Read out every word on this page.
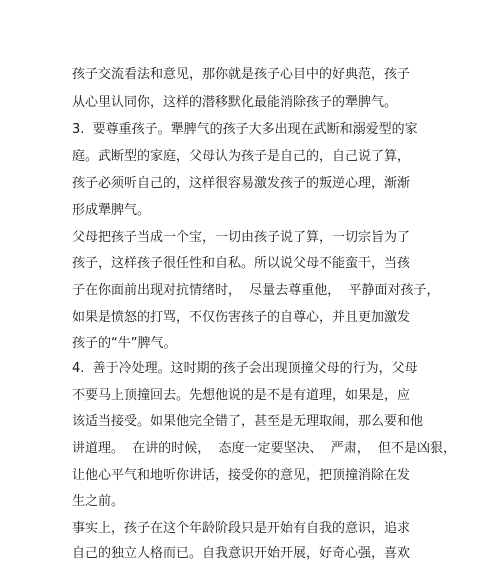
孩子交流看法和意见，那你就是孩子心目中的好典范，孩子
从心里认同你，这样的潜移默化最能消除孩子的犟脾气。
3.  要尊重孩子。犟脾气的孩子大多出现在武断和溺爱型的家
庭。武断型的家庭，父母认为孩子是自己的，自己说了算，
孩子必须听自己的，这样很容易激发孩子的叛逆心理，渐渐
形成犟脾气。
父母把孩子当成一个宝，一切由孩子说了算，一切宗旨为了
孩子，这样孩子很任性和自私。所以说父母不能蛮干，当孩
子在你面前出现对抗情绪时，  尽量去尊重他，  平静面对孩子，
如果是愤怒的打骂，不仅伤害孩子的自尊心，并且更加激发
孩子的“牛”脾气。
4.  善于冷处理。这时期的孩子会出现顶撞父母的行为，父母
不要马上顶撞回去。先想他说的是不是有道理，如果是，应
该适当接受。如果他完全错了，甚至是无理取闹，那么要和他
讲道理。  在讲的时候，  态度一定要坚决、  严肃，  但不是凶狠，
让他心平气和地听你讲话，接受你的意见，把顶撞消除在发
生之前。
事实上，孩子在这个年龄阶段只是开始有自我的意识，追求
自己的独立人格而已。自我意识开始开展，好奇心强，喜欢
